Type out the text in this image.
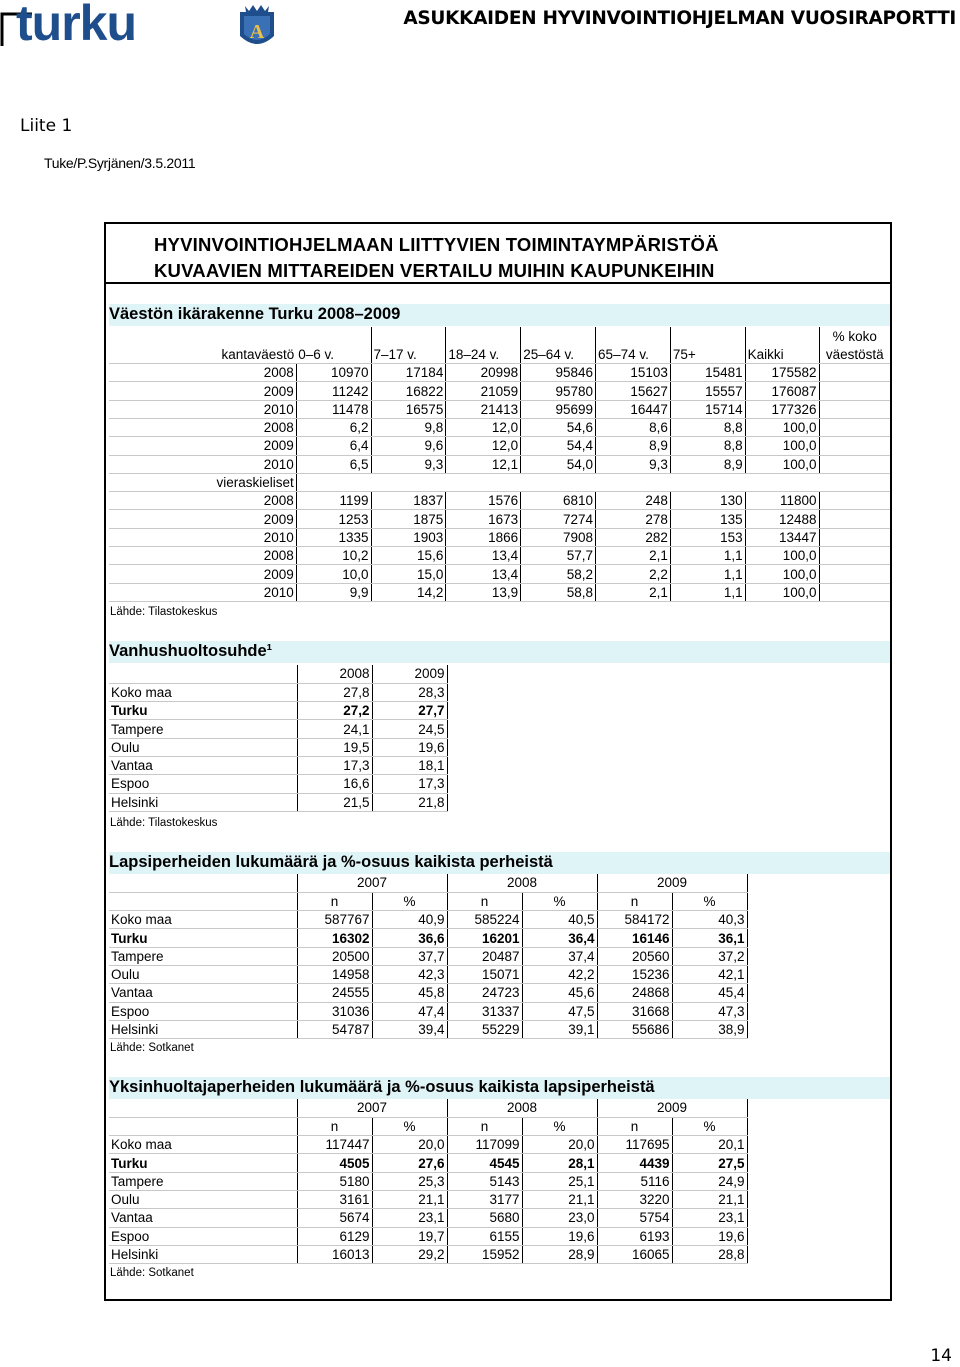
turku	A
ASUKKAIDEN HYVINVOINTIOHJELMAN VUOSIRAPORTTI
Liite 1
Tuke/P.Syrjänen/3.5.2011
HYVINVOINTIOHJELMAAN LIITTYVIEN TOIMINTAYMPÄRISTÖÄ
KUVAAVIEN MITTAREIDEN VERTAILU MUIHIN KAUPUNKEIHIN
Väestön ikärakenne Turku 2008–2009
								% koko
kantaväestö	0–6 v.	7–17 v.	18–24 v.	25–64 v.	65–74 v.	75+	Kaikki	väestöstä
2008	10970	17184	20998	95846	15103	15481	175582	
2009	11242	16822	21059	95780	15627	15557	176087	
2010	11478	16575	21413	95699	16447	15714	177326	
2008	6,2	9,8	12,0	54,6	8,6	8,8	100,0	
2009	6,4	9,6	12,0	54,4	8,9	8,8	100,0	
2010	6,5	9,3	12,1	54,0	9,3	8,9	100,0	
vieraskieliset								
2008	1199	1837	1576	6810	248	130	11800	
2009	1253	1875	1673	7274	278	135	12488	
2010	1335	1903	1866	7908	282	153	13447	
2008	10,2	15,6	13,4	57,7	2,1	1,1	100,0	
2009	10,0	15,0	13,4	58,2	2,2	1,1	100,0	
2010	9,9	14,2	13,9	58,8	2,1	1,1	100,0	
Lähde: Tilastokeskus
Vanhushuoltosuhde¹
	2008	2009
Koko maa	27,8	28,3
Turku	27,2	27,7
Tampere	24,1	24,5
Oulu	19,5	19,6
Vantaa	17,3	18,1
Espoo	16,6	17,3
Helsinki	21,5	21,8
Lähde: Tilastokeskus
Lapsiperheiden lukumäärä ja %-osuus kaikista perheistä
	2007		2008		2009	
	n	%	n	%	n	%
Koko maa	587767	40,9	585224	40,5	584172	40,3
Turku	16302	36,6	16201	36,4	16146	36,1
Tampere	20500	37,7	20487	37,4	20560	37,2
Oulu	14958	42,3	15071	42,2	15236	42,1
Vantaa	24555	45,8	24723	45,6	24868	45,4
Espoo	31036	47,4	31337	47,5	31668	47,3
Helsinki	54787	39,4	55229	39,1	55686	38,9
Lähde: Sotkanet
Yksinhuoltajaperheiden lukumäärä ja %-osuus kaikista lapsiperheistä
	2007		2008		2009	
	n	%	n	%	n	%
Koko maa	117447	20,0	117099	20,0	117695	20,1
Turku	4505	27,6	4545	28,1	4439	27,5
Tampere	5180	25,3	5143	25,1	5116	24,9
Oulu	3161	21,1	3177	21,1	3220	21,1
Vantaa	5674	23,1	5680	23,0	5754	23,1
Espoo	6129	19,7	6155	19,6	6193	19,6
Helsinki	16013	29,2	15952	28,9	16065	28,8
Lähde: Sotkanet
14
